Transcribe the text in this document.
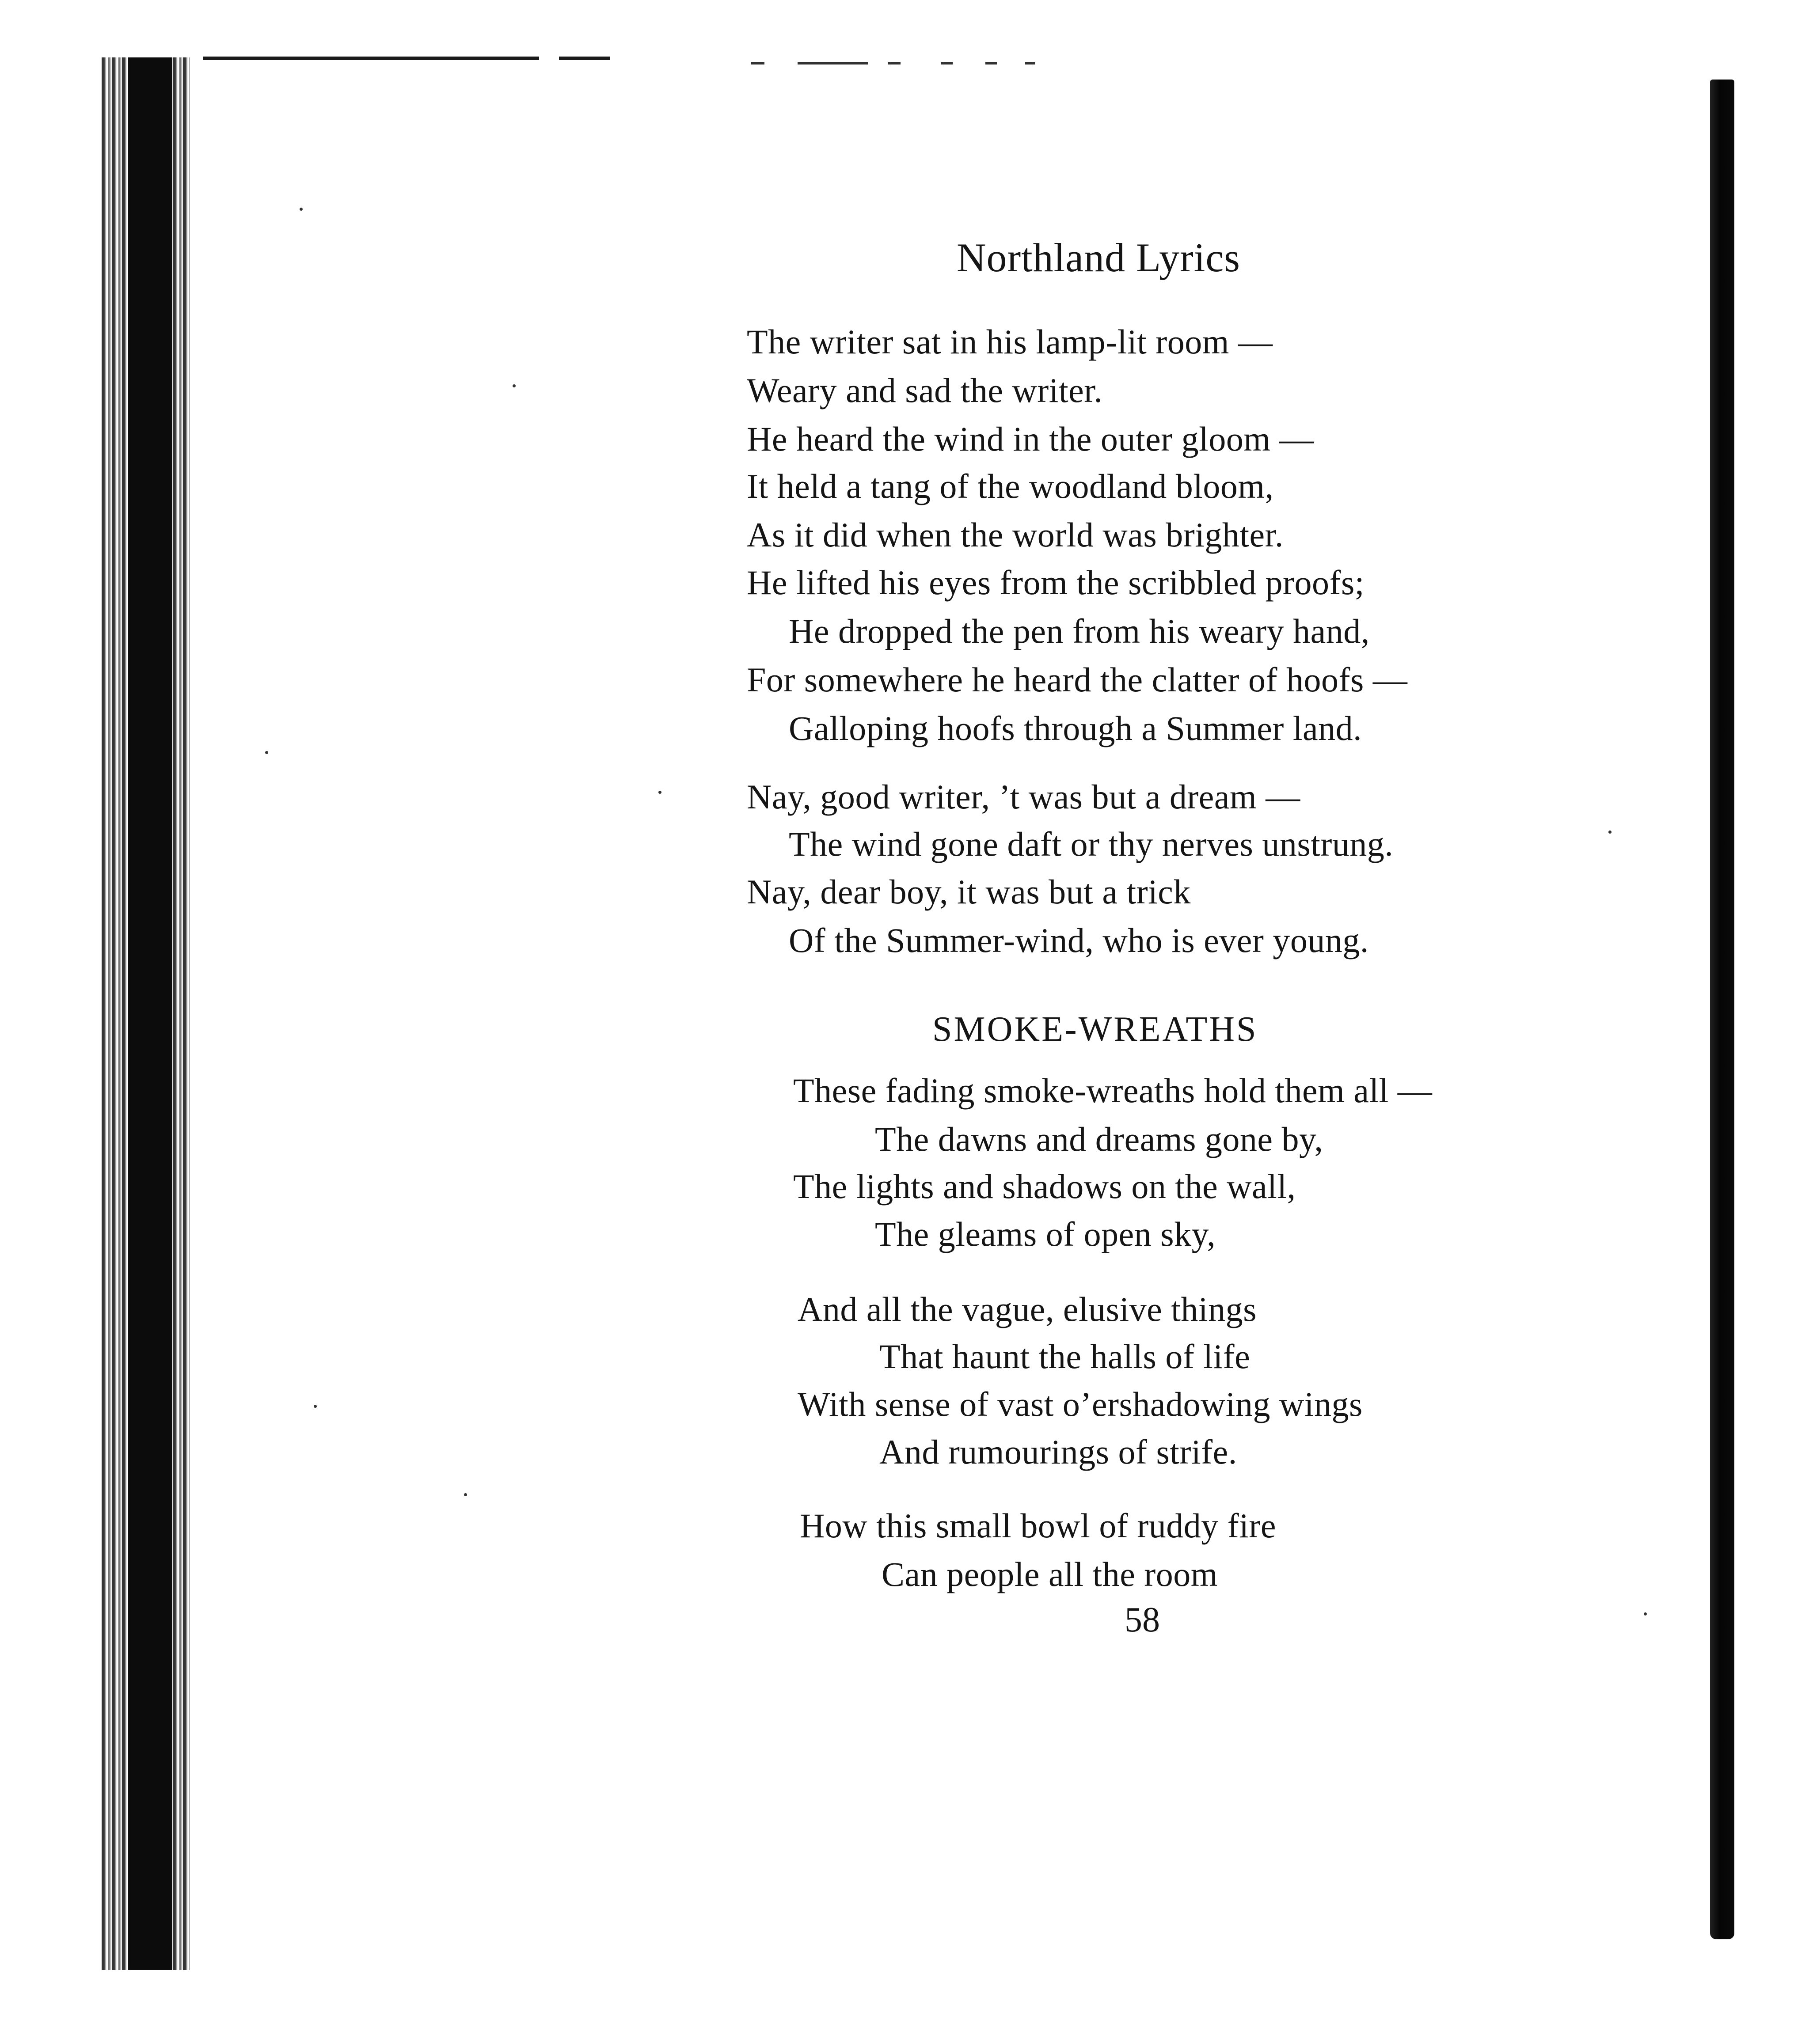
Northland Lyrics
The writer sat in his lamp-lit room —
Weary and sad the writer.
He heard the wind in the outer gloom —
It held a tang of the woodland bloom,
As it did when the world was brighter.
He lifted his eyes from the scribbled proofs;
He dropped the pen from his weary hand,
For somewhere he heard the clatter of hoofs —
Galloping hoofs through a Summer land.
Nay, good writer, ’t was but a dream —
The wind gone daft or thy nerves unstrung.
Nay, dear boy, it was but a trick
Of the Summer-wind, who is ever young.
SMOKE-WREATHS
These fading smoke-wreaths hold them all —
The dawns and dreams gone by,
The lights and shadows on the wall,
The gleams of open sky,
And all the vague, elusive things
That haunt the halls of life
With sense of vast o’ershadowing wings
And rumourings of strife.
How this small bowl of ruddy fire
Can people all the room
58
